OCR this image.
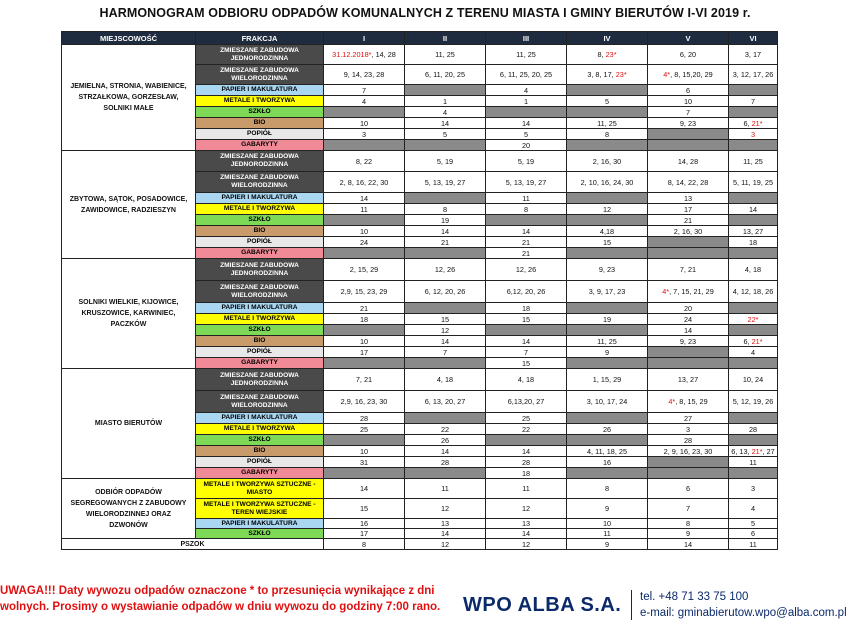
HARMONOGRAM ODBIORU ODPADÓW KOMUNALNYCH Z TERENU MIASTA I GMINY BIERUTÓW I-VI 2019 r.
MIEJSCOWOŚĆ	FRAKCJA	I	II	III	IV	V	VI
JEMIELNA, STRONIA, WABIENICE, STRZAŁKOWA, GORZESŁAW, SOLNIKI MAŁE	ZMIESZANE ZABUDOWA JEDNORODZINNA	31.12.2018*, 14, 28	11, 25	11, 25	8, 23*	6, 20	3, 17
	ZMIESZANE ZABUDOWA WIELORODZINNA	9, 14, 23, 28	6, 11, 20, 25	6, 11, 25, 20, 25	3, 8, 17, 23*	4*, 8, 15,20, 29	3, 12, 17, 26
	PAPIER I MAKULATURA	7		4		6	
	METALE I TWORZYWA	4	1	1	5	10	7
	SZKŁO		4			7	
	BIO	10	14	14	11, 25	9, 23	6, 21*
	POPIÓŁ	3	5	5	8		3
	GABARYTY			20			
ZBYTOWA, SĄTOK, POSADOWICE, ZAWIDOWICE, RADZIESZYN	ZMIESZANE ZABUDOWA JEDNORODZINNA	8, 22	5, 19	5, 19	2, 16, 30	14, 28	11, 25
	ZMIESZANE ZABUDOWA WIELORODZINNA	2, 8, 16, 22, 30	5, 13, 19, 27	5, 13, 19, 27	2, 10, 16, 24, 30	8, 14, 22, 28	5, 11, 19, 25
	PAPIER I MAKULATURA	14		11		13	
	METALE I TWORZYWA	11	8	8	12	17	14
	SZKŁO		19			21	
	BIO	10	14	14	4,18	2, 16, 30	13, 27
	POPIÓŁ	24	21	21	15		18
	GABARYTY			21			
SOLNIKI WIELKIE, KIJOWICE, KRUSZOWICE, KARWINIEC, PACZKÓW	ZMIESZANE ZABUDOWA JEDNORODZINNA	2, 15, 29	12, 26	12, 26	9, 23	7, 21	4, 18
	ZMIESZANE ZABUDOWA WIELORODZINNA	2,9, 15, 23, 29	6, 12, 20, 26	6,12, 20, 26	3, 9, 17, 23	4*, 7, 15, 21, 29	4, 12, 18, 26
	PAPIER I MAKULATURA	21		18		20	
	METALE I TWORZYWA	18	15	15	19	24	22*
	SZKŁO		12			14	
	BIO	10	14	14	11, 25	9, 23	6, 21*
	POPIÓŁ	17	7	7	9		4
	GABARYTY			15			
MIASTO BIERUTÓW	ZMIESZANE ZABUDOWA JEDNORODZINNA	7, 21	4, 18	4, 18	1, 15, 29	13, 27	10, 24
	ZMIESZANE ZABUDOWA WIELORODZINNA	2,9, 16, 23, 30	6, 13, 20, 27	6,13,20, 27	3, 10, 17, 24	4*, 8, 15, 29	5, 12, 19, 26
	PAPIER I MAKULATURA	28		25		27	
	METALE I TWORZYWA	25	22	22	26	3	28
	SZKŁO		26			28	
	BIO	10	14	14	4, 11, 18, 25	2, 9, 16, 23, 30	6, 13, 21*, 27
	POPIÓŁ	31	28	28	16		11
	GABARYTY			18			
ODBIÓR ODPADÓW SEGREGOWANYCH Z ZABUDOWY WIELORODZINNEJ ORAZ DZWONÓW	METALE I TWORZYWA SZTUCZNE - MIASTO	14	11	11	8	6	3
	METALE I TWORZYWA SZTUCZNE - TEREN WIEJSKIE	15	12	12	9	7	4
	PAPIER I MAKULATURA	16	13	13	10	8	5
	SZKŁO	17	14	14	11	9	6
PSZOK		8	12	12	9	14	11
UWAGA!!! Daty wywozu odpadów oznaczone * to przesunięcia wynikające z dni wolnych. Prosimy o wystawianie odpadów w dniu wywozu do godziny 7:00 rano.	WPO ALBA S.A. tel. +48 71 33 75 100
e-mail: gminabierutow.wpo@alba.com.pl
